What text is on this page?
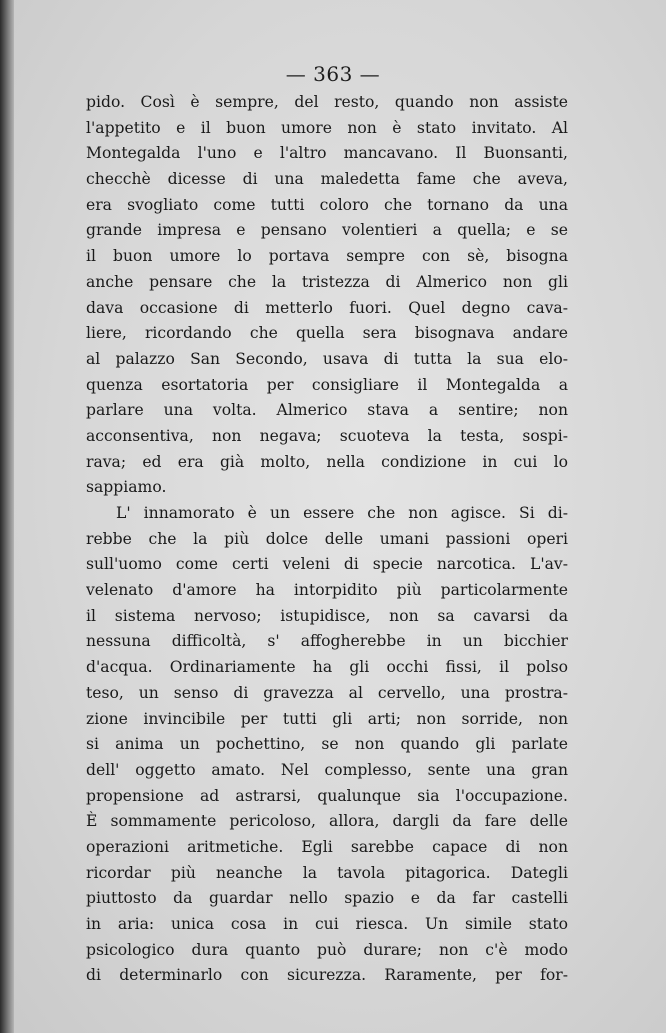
— 363 —
pido. Così è sempre, del resto, quando non assiste
l'appetito e il buon umore non è stato invitato. Al
Montegalda l'uno e l'altro mancavano. Il Buonsanti,
checchè dicesse di una maledetta fame che aveva,
era svogliato come tutti coloro che tornano da una
grande impresa e pensano volentieri a quella; e se
il buon umore lo portava sempre con sè, bisogna
anche pensare che la tristezza di Almerico non gli
dava occasione di metterlo fuori. Quel degno cava-
liere, ricordando che quella sera bisognava andare
al palazzo San Secondo, usava di tutta la sua elo-
quenza esortatoria per consigliare il Montegalda a
parlare una volta. Almerico stava a sentire; non
acconsentiva, non negava; scuoteva la testa, sospi-
rava; ed era già molto, nella condizione in cui lo
sappiamo.
L' innamorato è un essere che non agisce. Si di-
rebbe che la più dolce delle umani passioni operi
sull'uomo come certi veleni di specie narcotica. L'av-
velenato d'amore ha intorpidito più particolarmente
il sistema nervoso; istupidisce, non sa cavarsi da
nessuna difficoltà, s' affogherebbe in un bicchier
d'acqua. Ordinariamente ha gli occhi fissi, il polso
teso, un senso di gravezza al cervello, una prostra-
zione invincibile per tutti gli arti; non sorride, non
si anima un pochettino, se non quando gli parlate
dell' oggetto amato. Nel complesso, sente una gran
propensione ad astrarsi, qualunque sia l'occupazione.
È sommamente pericoloso, allora, dargli da fare delle
operazioni aritmetiche. Egli sarebbe capace di non
ricordar più neanche la tavola pitagorica. Dategli
piuttosto da guardar nello spazio e da far castelli
in aria: unica cosa in cui riesca. Un simile stato
psicologico dura quanto può durare; non c'è modo
di determinarlo con sicurezza. Raramente, per for-
